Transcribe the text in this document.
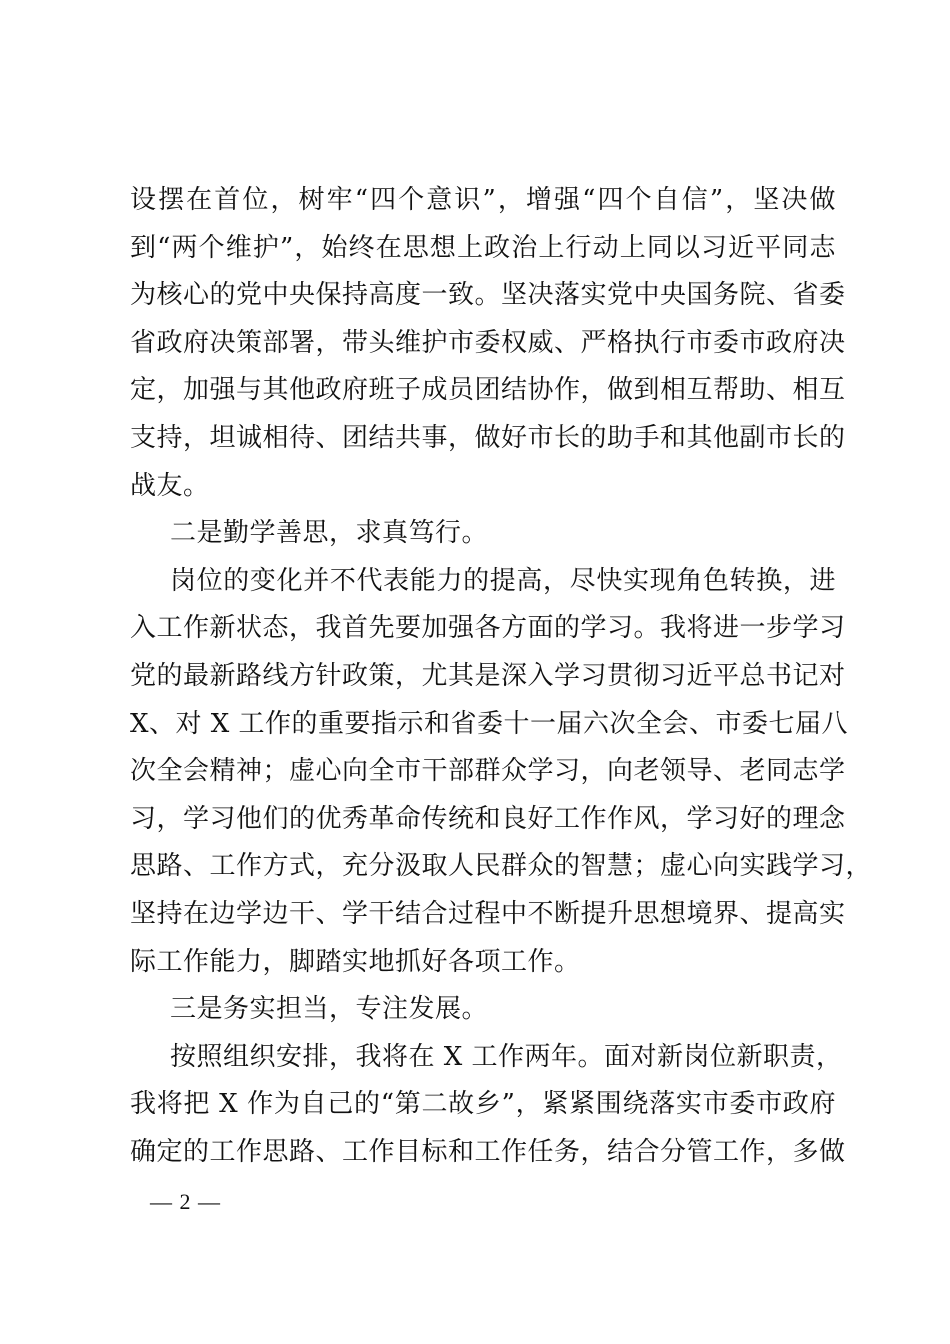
设摆在首位，树牢“四个意识”，增强“四个自信”，坚决做
到“两个维护”，始终在思想上政治上行动上同以习近平同志
为核心的党中央保持高度一致。坚决落实党中央国务院、省委
省政府决策部署，带头维护市委权威、严格执行市委市政府决
定，加强与其他政府班子成员团结协作，做到相互帮助、相互
支持，坦诚相待、团结共事，做好市长的助手和其他副市长的
战友。
二是勤学善思，求真笃行。
岗位的变化并不代表能力的提高，尽快实现角色转换，进
入工作新状态，我首先要加强各方面的学习。我将进一步学习
党的最新路线方针政策，尤其是深入学习贯彻习近平总书记对
X、对 X 工作的重要指示和省委十一届六次全会、市委七届八
次全会精神；虚心向全市干部群众学习，向老领导、老同志学
习，学习他们的优秀革命传统和良好工作作风，学习好的理念
思路、工作方式，充分汲取人民群众的智慧；虚心向实践学习，
坚持在边学边干、学干结合过程中不断提升思想境界、提高实
际工作能力，脚踏实地抓好各项工作。
三是务实担当，专注发展。
按照组织安排，我将在 X 工作两年。面对新岗位新职责，
我将把 X 作为自己的“第二故乡”，紧紧围绕落实市委市政府
确定的工作思路、工作目标和工作任务，结合分管工作，多做
— 2 —
